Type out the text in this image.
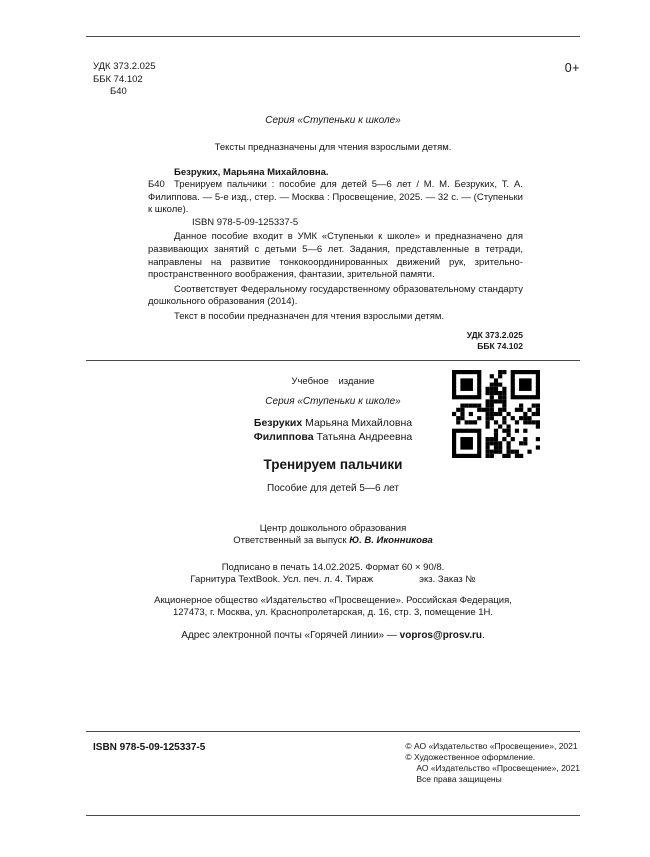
УДК 373.2.025
ББК 74.102
Б40
0+
Серия «Ступеньки к школе»
Тексты предназначены для чтения взрослыми детям.

Безруких, Марьяна Михайловна.

Б40 Тренируем пальчики : пособие для детей 5—6 лет / М. М. Безруких, Т. А. Филиппова. — 5-е изд., стер. — Москва : Просвещение, 2025. — 32 с. — (Ступеньки к школе).

ISBN 978-5-09-125337-5

Данное пособие входит в УМК «Ступеньки к школе» и предназначено для развивающих занятий с детьми 5—6 лет. Задания, представленные в тетради, направлены на развитие тонкокоординированных движений рук, зрительно-пространственного воображения, фантазии, зрительной памяти.

Соответствует Федеральному государственному образовательному стандарту дошкольного образования (2014).

Текст в пособии предназначен для чтения взрослыми детям.

УДК 373.2.025
ББК 74.102
Учебное издание
Серия «Ступеньки к школе»
Безруких Марьяна Михайловна
Филиппова Татьяна Андреевна
Тренируем пальчики
Пособие для детей 5—6 лет
Центр дошкольного образования
Ответственный за выпуск Ю. В. Иконникова
Подписано в печать 14.02.2025. Формат 60 × 90/8.
Гарнитура TextBook. Усл. печ. л. 4. Тираж	экз. Заказ №
Акционерное общество «Издательство «Просвещение». Российская Федерация,
127473, г. Москва, ул. Краснопролетарская, д. 16, стр. 3, помещение 1Н.
Адрес электронной почты «Горячей линии» — vopros@prosv.ru.
ISBN 978-5-09-125337-5	© АО «Издательство «Просвещение», 2021
© Художественное оформление.
АО «Издательство «Просвещение», 2021
Все права защищены
